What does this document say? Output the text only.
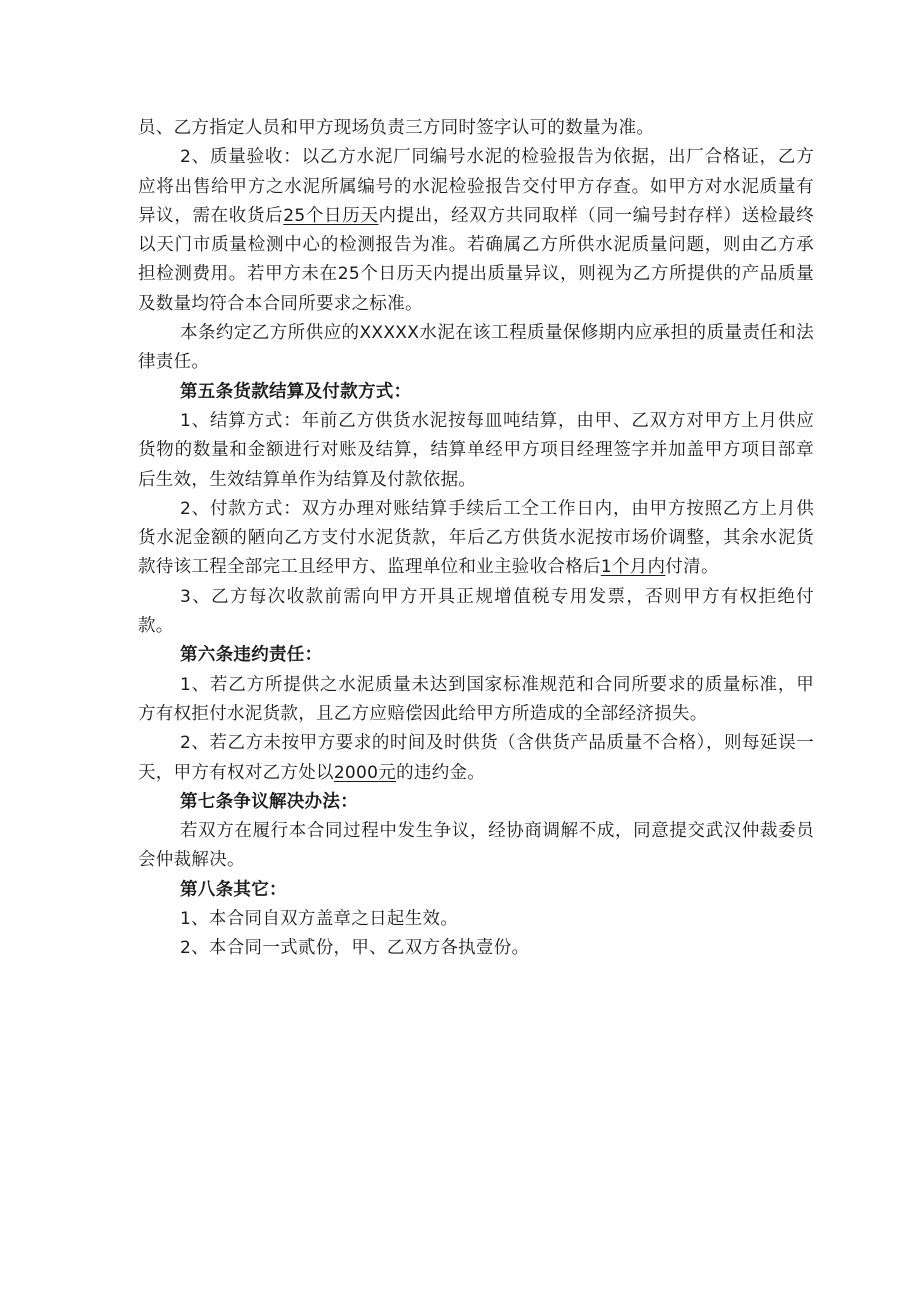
员、乙方指定人员和甲方现场负责三方同时签字认可的数量为准。

2、质量验收：以乙方水泥厂同编号水泥的检验报告为依据，出厂合格证，乙方应将出售给甲方之水泥所属编号的水泥检验报告交付甲方存查。如甲方对水泥质量有异议，需在收货后25个日历天内提出，经双方共同取样（同一编号封存样）送检最终以天门市质量检测中心的检测报告为准。若确属乙方所供水泥质量问题，则由乙方承担检测费用。若甲方未在25个日历天内提出质量异议，则视为乙方所提供的产品质量及数量均符合本合同所要求之标准。

本条约定乙方所供应的XXXXX水泥在该工程质量保修期内应承担的质量责任和法律责任。

第五条货款结算及付款方式：

1、结算方式：年前乙方供货水泥按每皿吨结算，由甲、乙双方对甲方上月供应货物的数量和金额进行对账及结算，结算单经甲方项目经理签字并加盖甲方项目部章后生效，生效结算单作为结算及付款依据。

2、付款方式：双方办理对账结算手续后工仝工作日内，由甲方按照乙方上月供货水泥金额的陋向乙方支付水泥货款，年后乙方供货水泥按市场价调整，其余水泥货款待该工程全部完工且经甲方、监理单位和业主验收合格后1个月内付清。

3、乙方每次收款前需向甲方开具正规增值税专用发票，否则甲方有权拒绝付款。

第六条违约责任：

1、若乙方所提供之水泥质量未达到国家标准规范和合同所要求的质量标准，甲方有权拒付水泥货款，且乙方应赔偿因此给甲方所造成的全部经济损失。

2、若乙方未按甲方要求的时间及时供货（含供货产品质量不合格），则每延误一天，甲方有权对乙方处以2000元的违约金。

第七条争议解决办法：

若双方在履行本合同过程中发生争议，经协商调解不成，同意提交武汉仲裁委员会仲裁解决。

第八条其它：

1、本合同自双方盖章之日起生效。

2、本合同一式贰份，甲、乙双方各执壹份。
